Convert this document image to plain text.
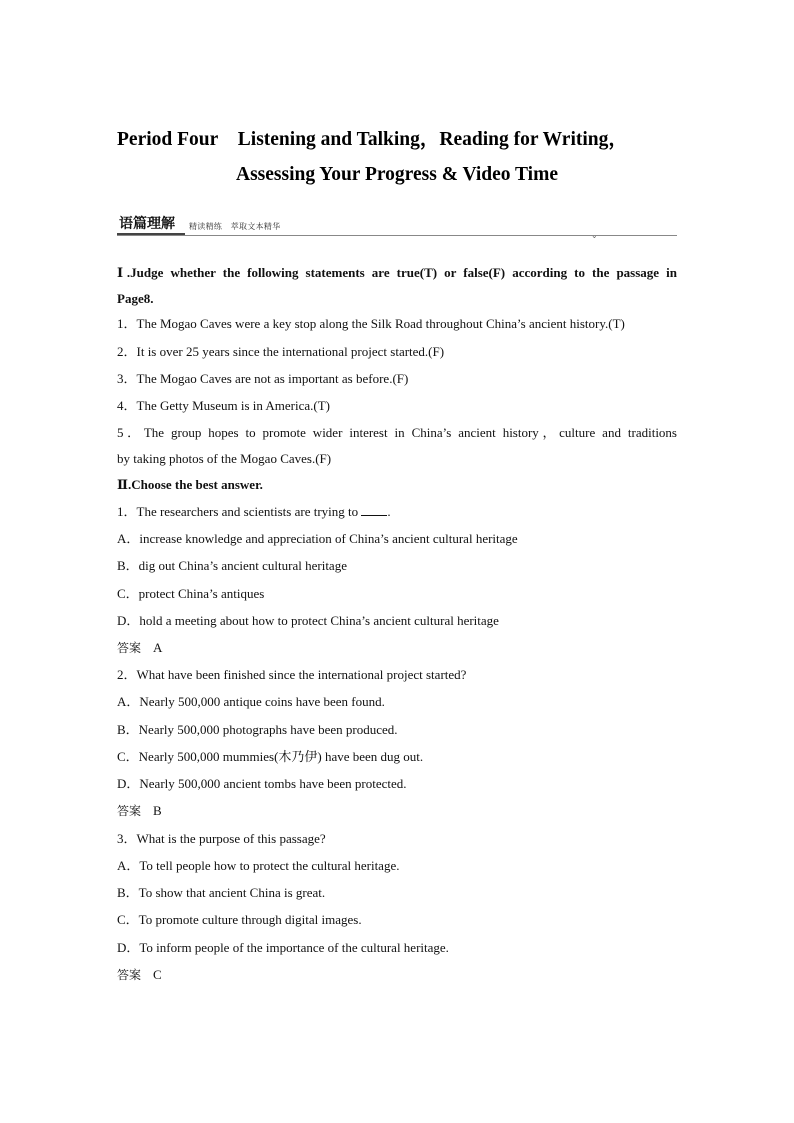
Period Four    Listening and Talking，Reading for Writing，
Assessing Your Progress & Video Time
语篇理解 精读精练   萃取文本精华
⌄
Ⅰ.Judge whether the following statements are true(T) or false(F) according to the passage in
Page8.
1．The Mogao Caves were a key stop along the Silk Road throughout China’s ancient history.(T)
2．It is over 25 years since the international project started.(F)
3．The Mogao Caves are not as important as before.(F)
4．The Getty Museum is in America.(T)
5．The group hopes to promote wider interest in China’s ancient history，culture and traditions
by taking photos of the Mogao Caves.(F)
Ⅱ.Choose the best answer.
1．The researchers and scientists are trying to .
A．increase knowledge and appreciation of China’s ancient cultural heritage
B．dig out China’s ancient cultural heritage
C．protect China’s antiques
D．hold a meeting about how to protect China’s ancient cultural heritage
答案 A
2．What have been finished since the international project started?
A．Nearly 500,000 antique coins have been found.
B．Nearly 500,000 photographs have been produced.
C．Nearly 500,000 mummies(木乃伊) have been dug out.
D．Nearly 500,000 ancient tombs have been protected.
答案 B
3．What is the purpose of this passage?
A．To tell people how to protect the cultural heritage.
B．To show that ancient China is great.
C．To promote culture through digital images.
D．To inform people of the importance of the cultural heritage.
答案 C
